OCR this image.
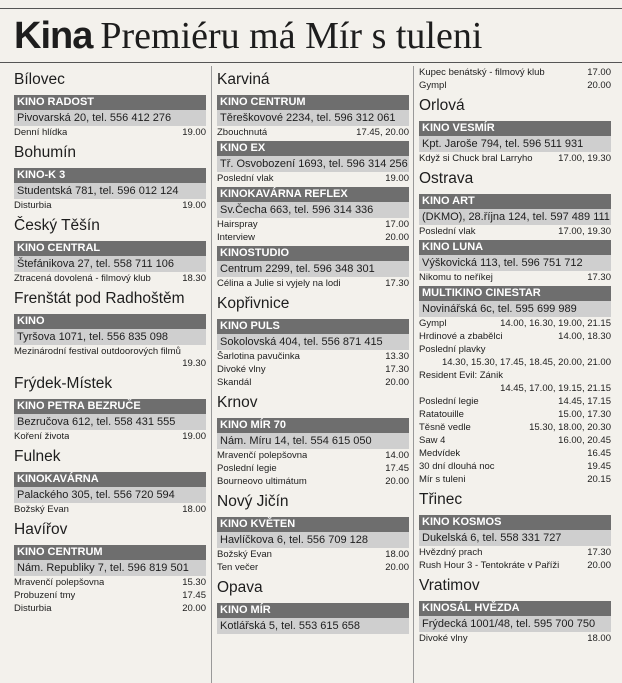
Kina Premiéru má Mír s tuleni
Bílovec
KINO RADOST
Pivovarská 20, tel. 556 412 276
Denní hlídka	19.00
Bohumín
KINO-K 3
Studentská 781, tel. 596 012 124
Disturbia	19.00
Český Těšín
KINO CENTRAL
Štefánikova 27, tel. 558 711 106
Ztracená dovolená - filmový klub	18.30
Frenštát pod Radhoštěm
KINO
Tyršova 1071, tel. 556 835 098
Mezinárodní festival outdoorových filmů
19.30
Frýdek-Místek
KINO PETRA BEZRUČE
Bezručova 612, tel. 558 431 555
Koření života	19.00
Fulnek
KINOKAVÁRNA
Palackého 305, tel. 556 720 594
Božský Evan	18.00
Havířov
KINO CENTRUM
Nám. Republiky 7, tel. 596 819 501
Mravenčí polepšovna	15.30
Probuzení tmy	17.45
Disturbia	20.00
Karviná
KINO CENTRUM
Těreškovové 2234, tel. 596 312 061
Zbouchnutá	17.45, 20.00
KINO EX
Tř. Osvobození 1693, tel. 596 314 256
Poslední vlak	19.00
KINOKAVÁRNA REFLEX
Sv.Čecha 663, tel. 596 314 336
Hairspray	17.00
Interview	20.00
KINOSTUDIO
Centrum 2299, tel. 596 348 301
Célina a Julie si vyjely na lodi	17.30
Kopřivnice
KINO PULS
Sokolovská 404, tel. 556 871 415
Šarlotina pavučinka	13.30
Divoké vlny	17.30
Skandál	20.00
Krnov
KINO MÍR 70
Nám. Míru 14, tel. 554 615 050
Mravenčí polepšovna	14.00
Poslední legie	17.45
Bourneovo ultimátum	20.00
Nový Jičín
KINO KVĚTEN
Havlíčkova 6, tel. 556 709 128
Božský Evan	18.00
Ten večer	20.00
Opava
KINO MÍR
Kotlářská 5, tel. 553 615 658
Kupec benátský - filmový klub	17.00
Gympl	20.00
Orlová
KINO VESMÍR
Kpt. Jaroše 794, tel. 596 511 931
Když si Chuck bral Larryho	17.00, 19.30
Ostrava
KINO ART
(DKMO), 28.října 124, tel. 597 489 111
Poslední vlak	17.00, 19.30
KINO LUNA
Výškovická 113, tel. 596 751 712
Nikomu to neříkej	17.30
MULTIKINO CINESTAR
Novinářská 6c, tel. 595 699 989
Gympl	14.00, 16.30, 19.00, 21.15
Hrdinové a zbabělci	14.00, 18.30
Poslední plavky
14.30, 15.30, 17.45, 18.45, 20.00, 21.00
Resident Evil: Zánik
14.45, 17.00, 19.15, 21.15
Poslední legie	14.45, 17.15
Ratatouille	15.00, 17.30
Těsně vedle	15.30, 18.00, 20.30
Saw 4	16.00, 20.45
Medvídek	16.45
30 dní dlouhá noc	19.45
Mír s tuleni	20.15
Třinec
KINO KOSMOS
Dukelská 6, tel. 558 331 727
Hvězdný prach	17.30
Rush Hour 3 - Tentokráte v Paříži	20.00
Vratimov
KINOSÁL HVĚZDA
Frýdecká 1001/48, tel. 595 700 750
Divoké vlny	18.00
